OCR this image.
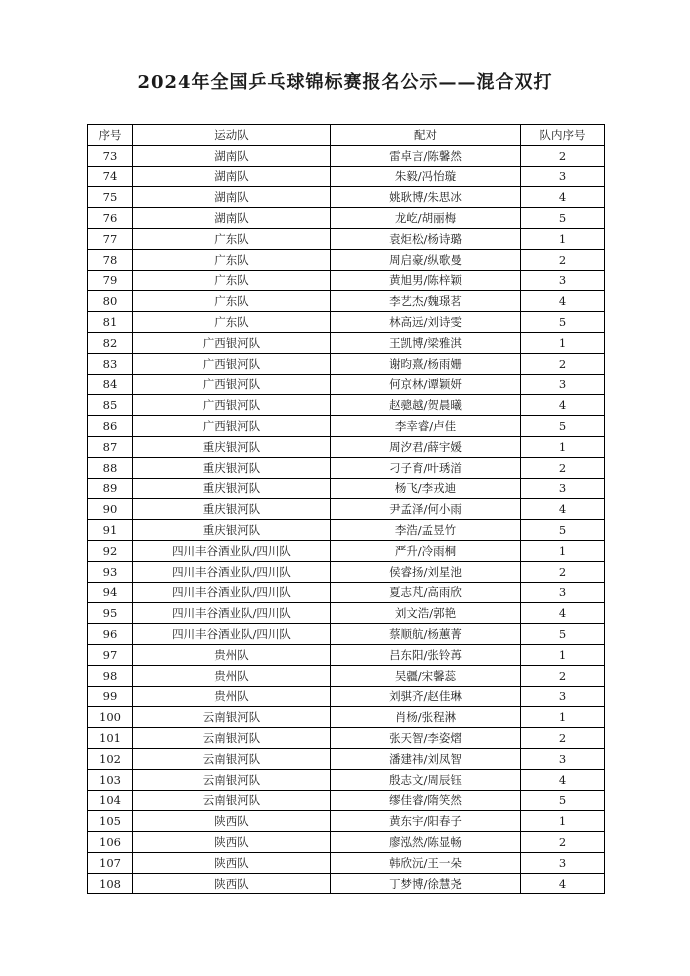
2024年全国乒乓球锦标赛报名公示——混合双打
序号	运动队	配对	队内序号
73	湖南队	雷卓言/陈馨然	2
74	湖南队	朱毅/冯怡璇	3
75	湖南队	姚耿博/朱思冰	4
76	湖南队	龙屹/胡丽梅	5
77	广东队	袁炬松/杨诗璐	1
78	广东队	周启豪/纵歌曼	2
79	广东队	黄旭男/陈梓颖	3
80	广东队	李艺杰/魏璟茗	4
81	广东队	林高远/刘诗雯	5
82	广西银河队	王凯博/梁雅淇	1
83	广西银河队	谢昀熹/杨雨姗	2
84	广西银河队	何京林/谭颖妍	3
85	广西银河队	赵骢越/贺晨曦	4
86	广西银河队	李幸睿/卢佳	5
87	重庆银河队	周汐君/薛宇媛	1
88	重庆银河队	刁子育/叶琇渞	2
89	重庆银河队	杨飞/李戎迪	3
90	重庆银河队	尹孟泽/何小雨	4
91	重庆银河队	李浩/孟昱竹	5
92	四川丰谷酒业队/四川队	严升/冷雨桐	1
93	四川丰谷酒业队/四川队	侯睿扬/刘星池	2
94	四川丰谷酒业队/四川队	夏志芃/高雨欣	3
95	四川丰谷酒业队/四川队	刘文浩/郭艳	4
96	四川丰谷酒业队/四川队	蔡顺航/杨蕙菁	5
97	贵州队	吕东阳/张铃苒	1
98	贵州队	吴疆/宋馨蕊	2
99	贵州队	刘骐齐/赵佳琳	3
100	云南银河队	肖杨/张程淋	1
101	云南银河队	张天智/李姿熠	2
102	云南银河队	潘建祎/刘凤智	3
103	云南银河队	殷志文/周辰钰	4
104	云南银河队	缪佳睿/隋笑然	5
105	陕西队	黄东宇/阳春子	1
106	陕西队	廖泓然/陈显畅	2
107	陕西队	韩欣沅/王一朵	3
108	陕西队	丁梦博/徐慧尧	4
